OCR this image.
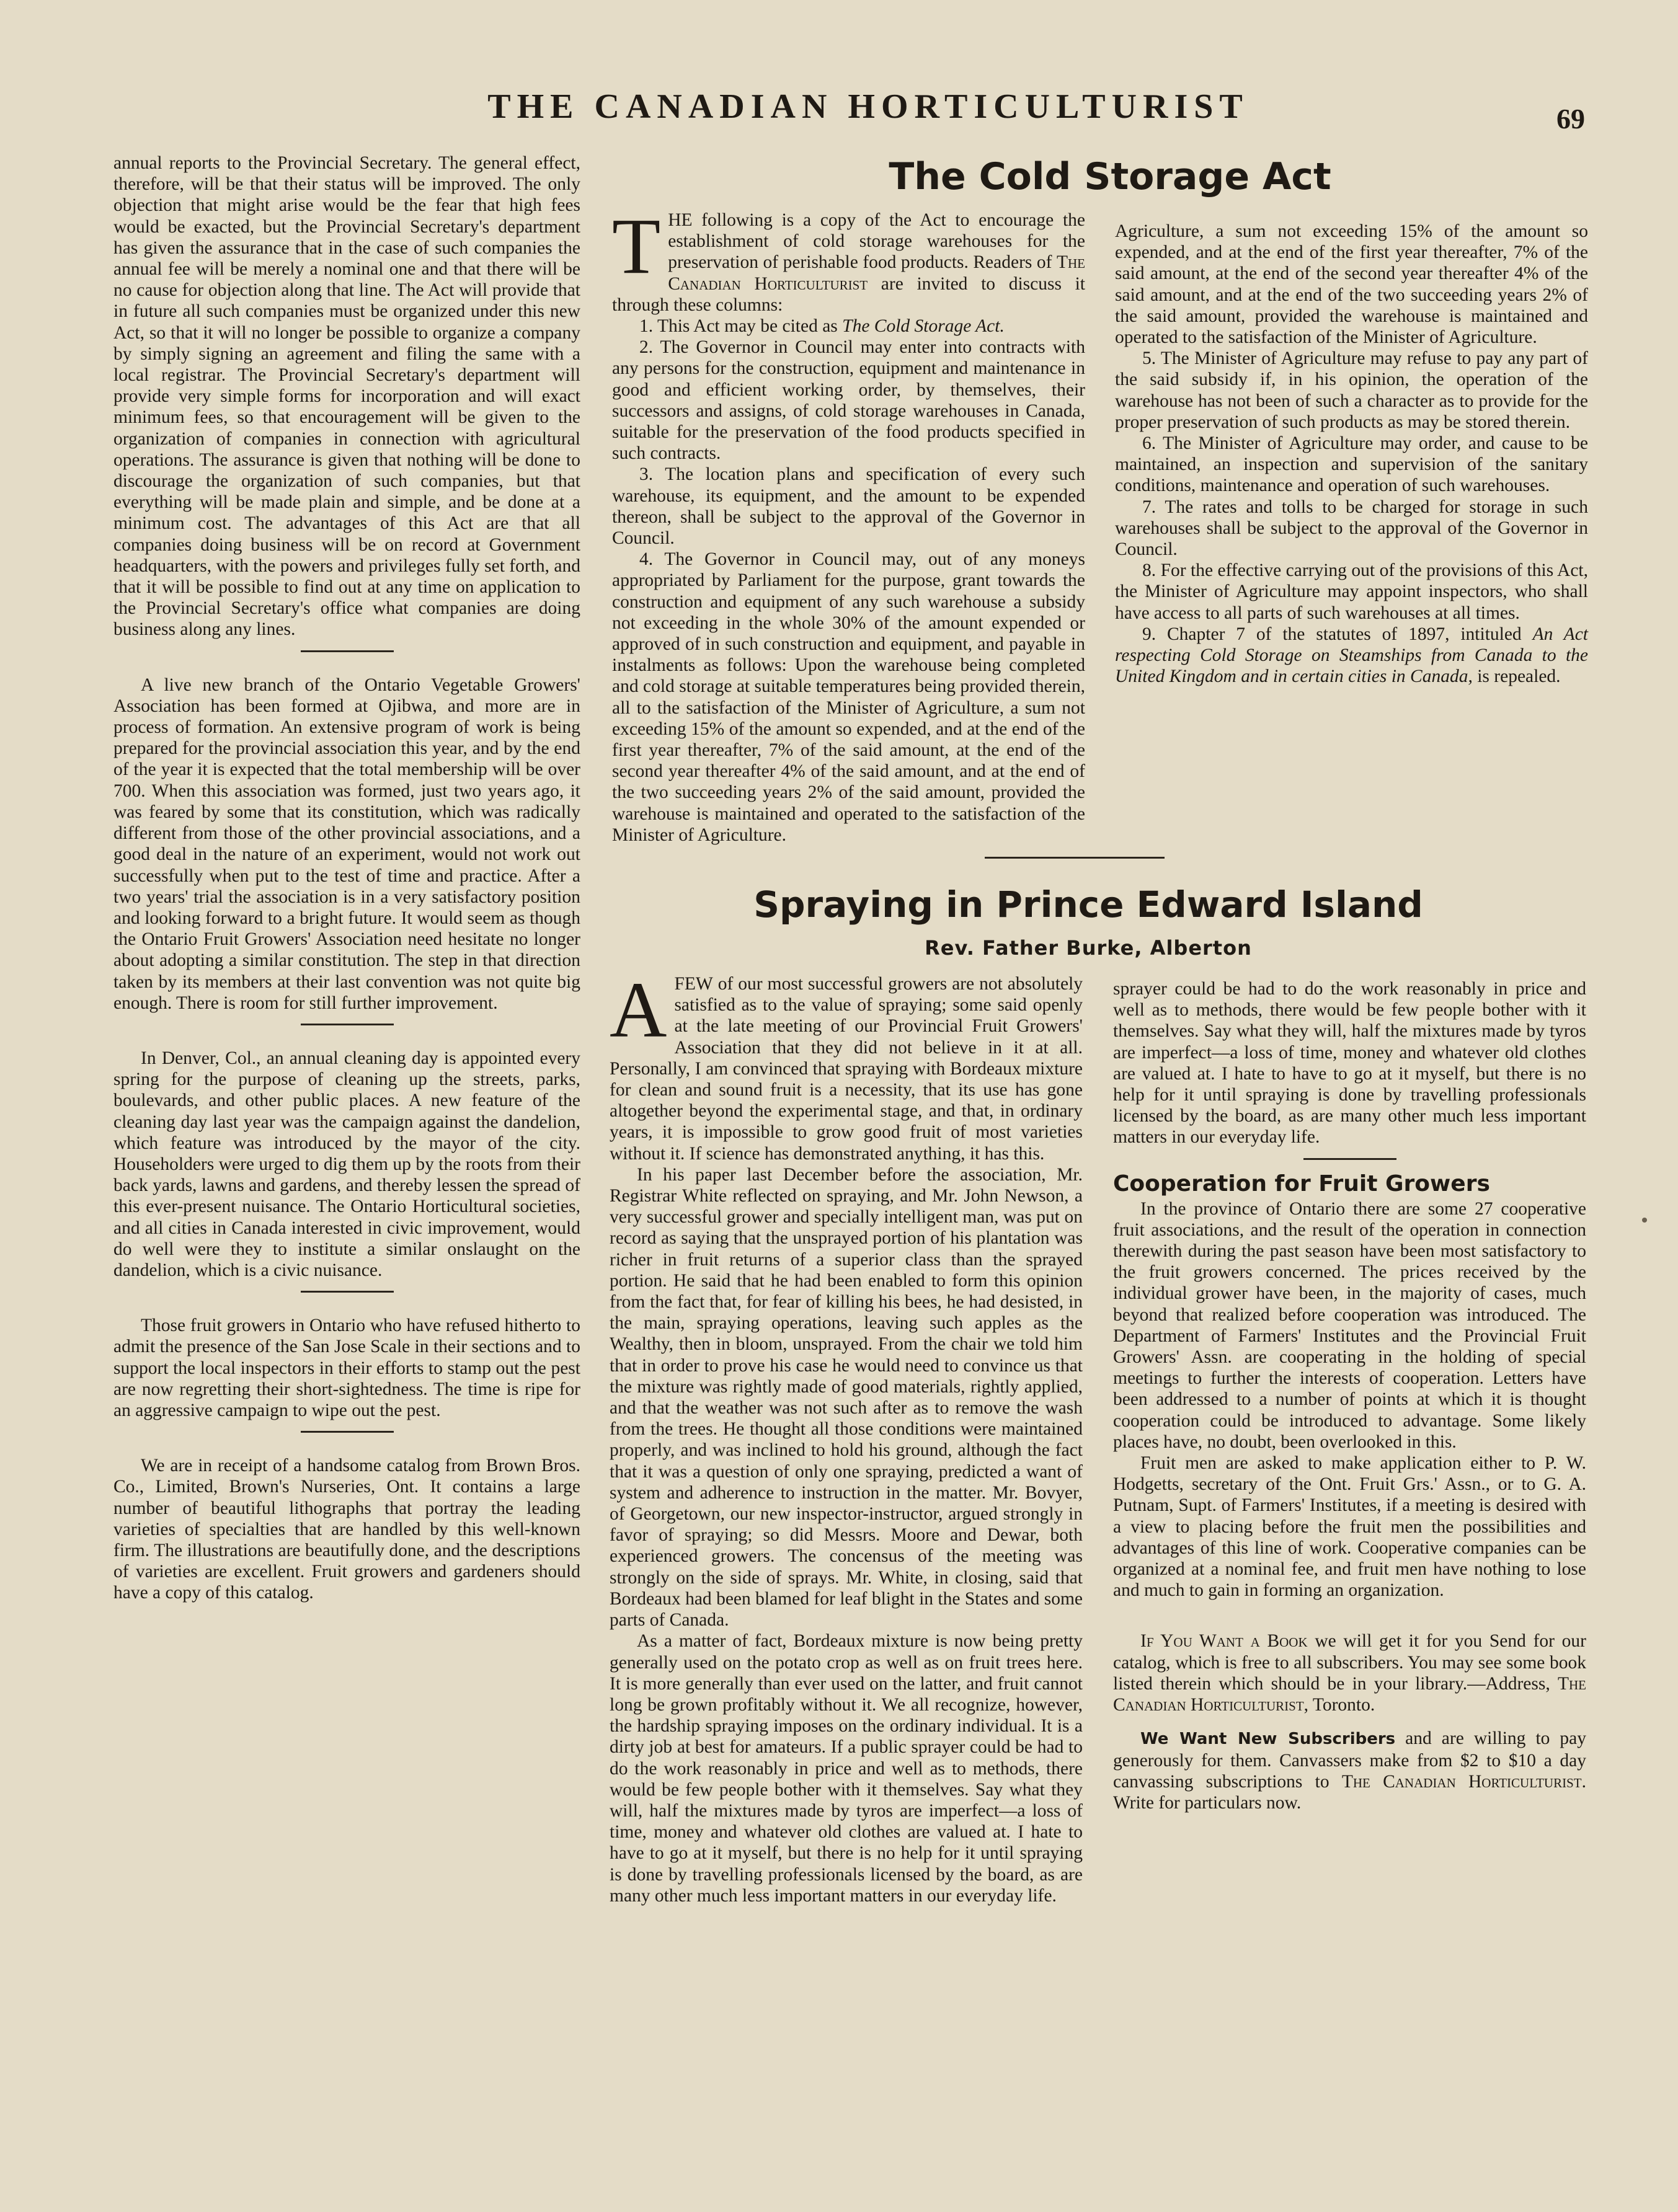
THE CANADIAN HORTICULTURIST	69

annual reports to the Provincial Secretary. The general effect, therefore, will be that their status will be improved. The only objection that might arise would be the fear that high fees would be exacted, but the Provincial Secretary's department has given the assurance that in the case of such companies the annual fee will be merely a nominal one and that there will be no cause for objection along that line. The Act will provide that in future all such companies must be organized under this new Act, so that it will no longer be possible to organize a company by simply signing an agreement and filing the same with a local registrar. The Provincial Secretary's department will provide very simple forms for incorporation and will exact minimum fees, so that encouragement will be given to the organization of companies in connection with agricultural operations. The assurance is given that nothing will be done to discourage the organization of such companies, but that everything will be made plain and simple, and be done at a minimum cost. The advantages of this Act are that all companies doing business will be on record at Government headquarters, with the powers and privileges fully set forth, and that it will be possible to find out at any time on application to the Provincial Secretary's office what companies are doing business along any lines.

A live new branch of the Ontario Vegetable Growers' Association has been formed at Ojibwa, and more are in process of formation. An extensive program of work is being prepared for the provincial association this year, and by the end of the year it is expected that the total membership will be over 700. When this association was formed, just two years ago, it was feared by some that its constitution, which was radically different from those of the other provincial associations, and a good deal in the nature of an experiment, would not work out successfully when put to the test of time and practice. After a two years' trial the association is in a very satisfactory position and looking forward to a bright future. It would seem as though the Ontario Fruit Growers' Association need hesitate no longer about adopting a similar constitution. The step in that direction taken by its members at their last convention was not quite big enough. There is room for still further improvement.

In Denver, Col., an annual cleaning day is appointed every spring for the purpose of cleaning up the streets, parks, boulevards, and other public places. A new feature of the cleaning day last year was the campaign against the dandelion, which feature was introduced by the mayor of the city. Householders were urged to dig them up by the roots from their back yards, lawns and gardens, and thereby lessen the spread of this ever-present nuisance. The Ontario Horticultural societies, and all cities in Canada interested in civic improvement, would do well were they to institute a similar onslaught on the dandelion, which is a civic nuisance.

Those fruit growers in Ontario who have refused hitherto to admit the presence of the San Jose Scale in their sections and to support the local inspectors in their efforts to stamp out the pest are now regretting their short-sightedness. The time is ripe for an aggressive campaign to wipe out the pest.

We are in receipt of a handsome catalog from Brown Bros. Co., Limited, Brown's Nurseries, Ont. It contains a large number of beautiful lithographs that portray the leading varieties of specialties that are handled by this well-known firm. The illustrations are beautifully done, and the descriptions of varieties are excellent. Fruit growers and gardeners should have a copy of this catalog.

The Cold Storage Act

THE following is a copy of the Act to encourage the establishment of cold storage warehouses for the preservation of perishable food products. Readers of The Canadian Horticulturist are invited to discuss it through these columns:

1. This Act may be cited as The Cold Storage Act.

2. The Governor in Council may enter into contracts with any persons for the construction, equipment and maintenance in good and efficient working order, by themselves, their successors and assigns, of cold storage warehouses in Canada, suitable for the preservation of the food products specified in such contracts.

3. The location plans and specification of every such warehouse, its equipment, and the amount to be expended thereon, shall be subject to the approval of the Governor in Council.

4. The Governor in Council may, out of any moneys appropriated by Parliament for the purpose, grant towards the construction and equipment of any such warehouse a subsidy not exceeding in the whole 30% of the amount expended or approved of in such construction and equipment, and payable in instalments as follows: Upon the warehouse being completed and cold storage at suitable temperatures being provided therein, all to the satisfaction of the Minister of Agriculture, a sum not exceeding 15% of the amount so expended, and at the end of the first year thereafter, 7% of the said amount, at the end of the second year thereafter 4% of the said amount, and at the end of the two succeeding years 2% of the said amount, provided the warehouse is maintained and operated to the satisfaction of the Minister of Agriculture.

Agriculture, a sum not exceeding 15% of the amount so expended, and at the end of the first year thereafter, 7% of the said amount, at the end of the second year thereafter 4% of the said amount, and at the end of the two succeeding years 2% of the said amount, provided the warehouse is maintained and operated to the satisfaction of the Minister of Agriculture.

5. The Minister of Agriculture may refuse to pay any part of the said subsidy if, in his opinion, the operation of the warehouse has not been of such a character as to provide for the proper preservation of such products as may be stored therein.

6. The Minister of Agriculture may order, and cause to be maintained, an inspection and supervision of the sanitary conditions, maintenance and operation of such warehouses.

7. The rates and tolls to be charged for storage in such warehouses shall be subject to the approval of the Governor in Council.

8. For the effective carrying out of the provisions of this Act, the Minister of Agriculture may appoint inspectors, who shall have access to all parts of such warehouses at all times.

9. Chapter 7 of the statutes of 1897, intituled An Act respecting Cold Storage on Steamships from Canada to the United Kingdom and in certain cities in Canada, is repealed.

Spraying in Prince Edward Island
Rev. Father Burke, Alberton

AFEW of our most successful growers are not absolutely satisfied as to the value of spraying; some said openly at the late meeting of our Provincial Fruit Growers' Association that they did not believe in it at all. Personally, I am convinced that spraying with Bordeaux mixture for clean and sound fruit is a necessity, that its use has gone altogether beyond the experimental stage, and that, in ordinary years, it is impossible to grow good fruit of most varieties without it. If science has demonstrated anything, it has this.

In his paper last December before the association, Mr. Registrar White reflected on spraying, and Mr. John Newson, a very successful grower and specially intelligent man, was put on record as saying that the unsprayed portion of his plantation was richer in fruit returns of a superior class than the sprayed portion. He said that he had been enabled to form this opinion from the fact that, for fear of killing his bees, he had desisted, in the main, spraying operations, leaving such apples as the Wealthy, then in bloom, unsprayed. From the chair we told him that in order to prove his case he would need to convince us that the mixture was rightly made of good materials, rightly applied, and that the weather was not such after as to remove the wash from the trees. He thought all those conditions were maintained properly, and was inclined to hold his ground, although the fact that it was a question of only one spraying, predicted a want of system and adherence to instruction in the matter. Mr. Bovyer, of Georgetown, our new inspector-instructor, argued strongly in favor of spraying; so did Messrs. Moore and Dewar, both experienced growers. The concensus of the meeting was strongly on the side of sprays. Mr. White, in closing, said that Bordeaux had been blamed for leaf blight in the States and some parts of Canada.

As a matter of fact, Bordeaux mixture is now being pretty generally used on the potato crop as well as on fruit trees here. It is more generally than ever used on the latter, and fruit cannot long be grown profitably without it. We all recognize, however, the hardship spraying imposes on the ordinary individual. It is a dirty job at best for amateurs. If a public sprayer could be had to do the work reasonably in price and well as to methods, there would be few people bother with it themselves. Say what they will, half the mixtures made by tyros are imperfect—a loss of time, money and whatever old clothes are valued at. I hate to have to go at it myself, but there is no help for it until spraying is done by travelling professionals licensed by the board, as are many other much less important matters in our everyday life.

sprayer could be had to do the work reasonably in price and well as to methods, there would be few people bother with it themselves. Say what they will, half the mixtures made by tyros are imperfect—a loss of time, money and whatever old clothes are valued at. I hate to have to go at it myself, but there is no help for it until spraying is done by travelling professionals licensed by the board, as are many other much less important matters in our everyday life.

Cooperation for Fruit Growers

In the province of Ontario there are some 27 cooperative fruit associations, and the result of the operation in connection therewith during the past season have been most satisfactory to the fruit growers concerned. The prices received by the individual grower have been, in the majority of cases, much beyond that realized before cooperation was introduced. The Department of Farmers' Institutes and the Provincial Fruit Growers' Assn. are cooperating in the holding of special meetings to further the interests of cooperation. Letters have been addressed to a number of points at which it is thought cooperation could be introduced to advantage. Some likely places have, no doubt, been overlooked in this.

Fruit men are asked to make application either to P. W. Hodgetts, secretary of the Ont. Fruit Grs.' Assn., or to G. A. Putnam, Supt. of Farmers' Institutes, if a meeting is desired with a view to placing before the fruit men the possibilities and advantages of this line of work. Cooperative companies can be organized at a nominal fee, and fruit men have nothing to lose and much to gain in forming an organization.

If You Want a Book we will get it for you Send for our catalog, which is free to all subscribers. You may see some book listed therein which should be in your library.—Address, The Canadian Horticulturist, Toronto.

We Want New Subscribers and are willing to pay generously for them. Canvassers make from $2 to $10 a day canvassing subscriptions to The Canadian Horticulturist. Write for particulars now.
